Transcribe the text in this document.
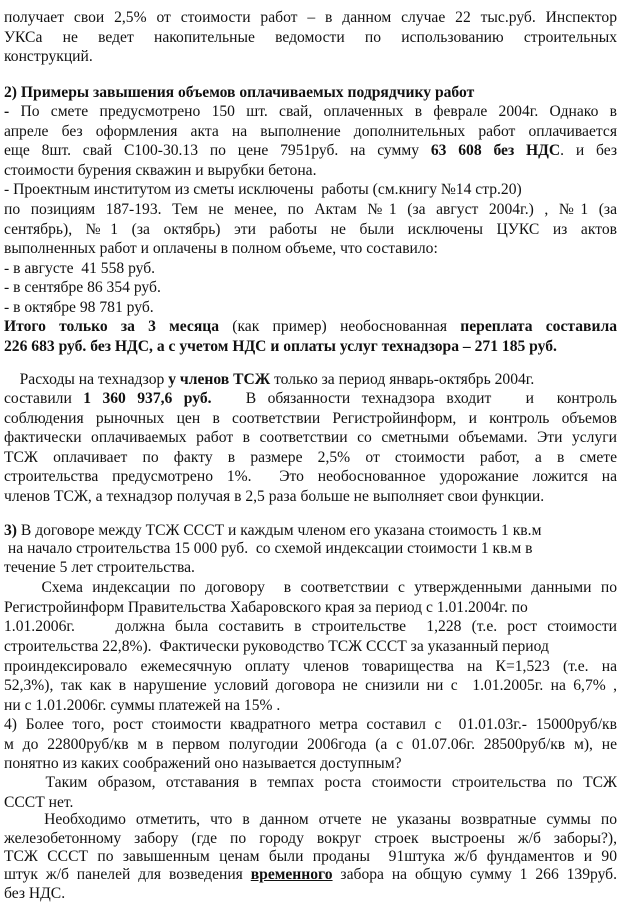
получает свои 2,5% от стоимости работ – в данном случае 22 тыс.руб. Инспектор
УКСа не ведет накопительные ведомости по использованию строительных
конструкций.
2) Примеры завышения объемов оплачиваемых подрядчику работ
- По смете предусмотрено 150 шт. свай, оплаченных в феврале 2004г. Однако в
апреле без оформления акта на выполнение дополнительных работ оплачивается
еще 8шт. свай С100-30.13 по цене 7951руб. на сумму 63 608 без НДС. и без
стоимости бурения скважин и вырубки бетона.
- Проектным институтом из сметы исключены  работы (см.книгу №14 стр.20)
по позициям 187-193. Тем не менее, по Актам №1 (за август 2004г.) , №1 (за
сентябрь), №1 (за октябрь) эти работы не были исключены ЦУКС из актов
выполненных работ и оплачены в полном объеме, что составило:
- в августе  41 558 руб.
- в сентябре 86 354 руб.
- в октябре 98 781 руб.
Итого только за 3 месяца (как пример) необоснованная переплата составила
226 683 руб. без НДС, а с учетом НДС и оплаты услуг технадзора – 271 185 руб.
Расходы на технадзор у членов ТСЖ только за период январь-октябрь 2004г.
составили 1 360 937,6 руб.   В обязанности технадзора входит   и  контроль
соблюдения рыночных цен в соответствии Регистройинформ, и контроль объемов
фактически оплачиваемых работ в соответствии со сметными объемами. Эти услуги
ТСЖ оплачивает по факту в размере 2,5% от стоимости работ, а в смете
строительства предусмотрено 1%.  Это необоснованное удорожание ложится на
членов ТСЖ, а технадзор получая в 2,5 раза больше не выполняет свои функции.
3) В договоре между ТСЖ СССТ и каждым членом его указана стоимость 1 кв.м
на начало строительства 15 000 руб.  со схемой индексации стоимости 1 кв.м в
течение 5 лет строительства.
Схема индексации по договору  в соответствии с утвержденными данными по
Регистройинформ Правительства Хабаровского края за период с 1.01.2004г. по
1.01.2006г.    должна была составить в строительстве  1,228 (т.е. рост стоимости
строительства 22,8%).  Фактически руководство ТСЖ СССТ за указанный период
проиндексировало ежемесячную оплату членов товарищества на К=1,523 (т.е. на
52,3%), так как в нарушение условий договора не снизили ни с  1.01.2005г. на 6,7% ,
ни с 1.01.2006г. суммы платежей на 15% .
4) Более того, рост стоимости квадратного метра составил с  01.01.03г.- 15000руб/кв
м до 22800руб/кв м в первом полугодии 2006года (а с 01.07.06г. 28500руб/кв м), не
понятно из каких соображений оно называется доступным?
Таким образом, отставания в темпах роста стоимости строительства по ТСЖ
СССТ нет.
Необходимо отметить, что в данном отчете не указаны возвратные суммы по
железобетонному забору (где по городу вокруг строек выстроены ж/б заборы?),
ТСЖ СССТ по завышенным ценам были проданы  91штука ж/б фундаментов и 90
штук ж/б панелей для возведения временного забора на общую сумму 1 266 139руб.
без НДС.
